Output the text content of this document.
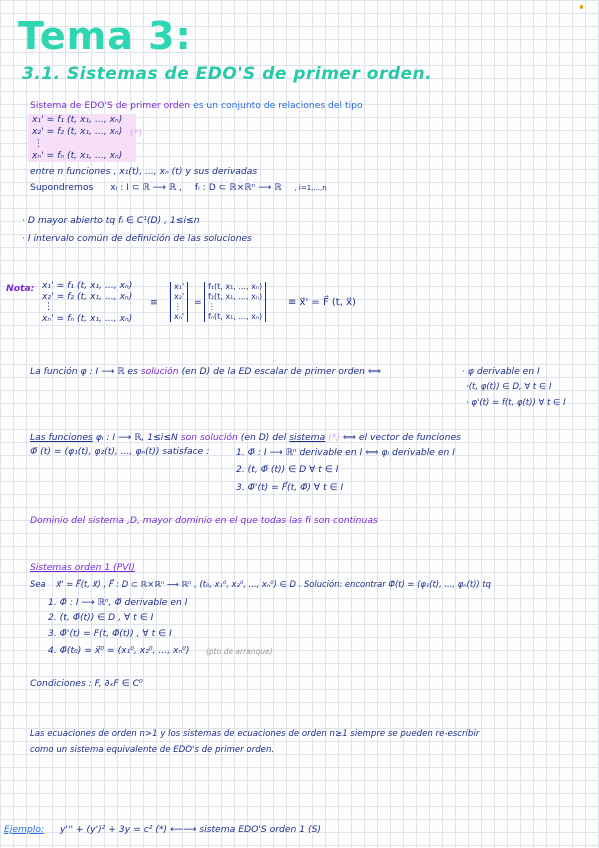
Tema 3:
3.1. Sistemas de EDO'S de primer orden.
Sistema de EDO'S de primer orden es un conjunto de relaciones del tipo
x₁' = f₁ (t, x₁, ..., xₙ)
x₂' = f₂ (t, x₁, ..., xₙ) (*)
⋮
xₙ' = fₙ (t, x₁, ..., xₙ)
entre n funciones , x₁(t), ..., xₙ (t) y sus derivadas
Supondremos xᵢ : I ⊂ ℝ ⟶ ℝ , fᵢ : D ⊂ ℝ×ℝⁿ ⟶ ℝ , i=1,...,n
· D mayor abierto tq fᵢ ∈ C¹(D) , 1≤i≤n
· I intervalo común de definición de las soluciones
Nota: x₁' = f₁ (t, x₁, ..., xₙ)
x₂' = f₂ (t, x₁, ..., xₙ)
⋮
xₙ' = fₙ (t, x₁, ..., xₙ)
≡
x₁'
x₂'
⋮
xₙ'
=
f₁(t, x₁, ..., xₙ)
f₂(t, x₁, ..., xₙ)
⋮
fₙ(t, x₁, ..., xₙ)
≡ x⃗' = F⃗ (t, x⃗)
La función φ : I ⟶ ℝ es solución (en D) de la ED escalar de primer orden ⟺	· φ derivable en I
·(t, φ(t)) ∈ D, ∀ t ∈ I
· φ'(t) = f(t, φ(t)) ∀ t ∈ I
Las funciones φᵢ : I ⟶ ℝ, 1≤i≤N son solución (en D) del sistema (*) ⟺ el vector de funciones
Φ⃗ (t) = (φ₁(t), φ₂(t), ..., φₙ(t)) satisface :	1. Φ⃗ : I ⟶ ℝⁿ derivable en I ⟺ φᵢ derivable en I
2. (t, Φ⃗ (t)) ∈ D ∀ t ∈ I
3. Φ⃗'(t) = F⃗(t, Φ⃗) ∀ t ∈ I
Dominio del sistema ,D, mayor dominio en el que todas las fi son continuas
Sistemas orden 1 (PVI)
Sea x⃗' = F⃗(t, x⃗) , F⃗ : D ⊂ ℝ×ℝⁿ ⟶ ℝⁿ , (t₀, x₁⁰, x₂⁰, ..., xₙ⁰) ∈ D . Solución: encontrar Φ⃗(t) = (φ₁(t), ..., φₙ(t)) tq
1. Φ⃗ : I ⟶ ℝⁿ, Φ⃗ derivable en I
2. (t, Φ⃗(t)) ∈ D , ∀ t ∈ I
3. Φ⃗'(t) = F(t, Φ⃗(t)) , ∀ t ∈ I
4. Φ⃗(t₀) = x⃗⁰ = (x₁⁰, x₂⁰, ..., xₙ⁰) (pto de arranque)
Condiciones : F, ∂ₓF ∈ C⁰
Las ecuaciones de orden n>1 y los sistemas de ecuaciones de orden n≥1 siempre se pueden re-escribir
como un sistema equivalente de EDO's de primer orden.
Ejemplo: y''' + (y')² + 3y = c² (*) ⟵⟶ sistema EDO'S orden 1 (S)
